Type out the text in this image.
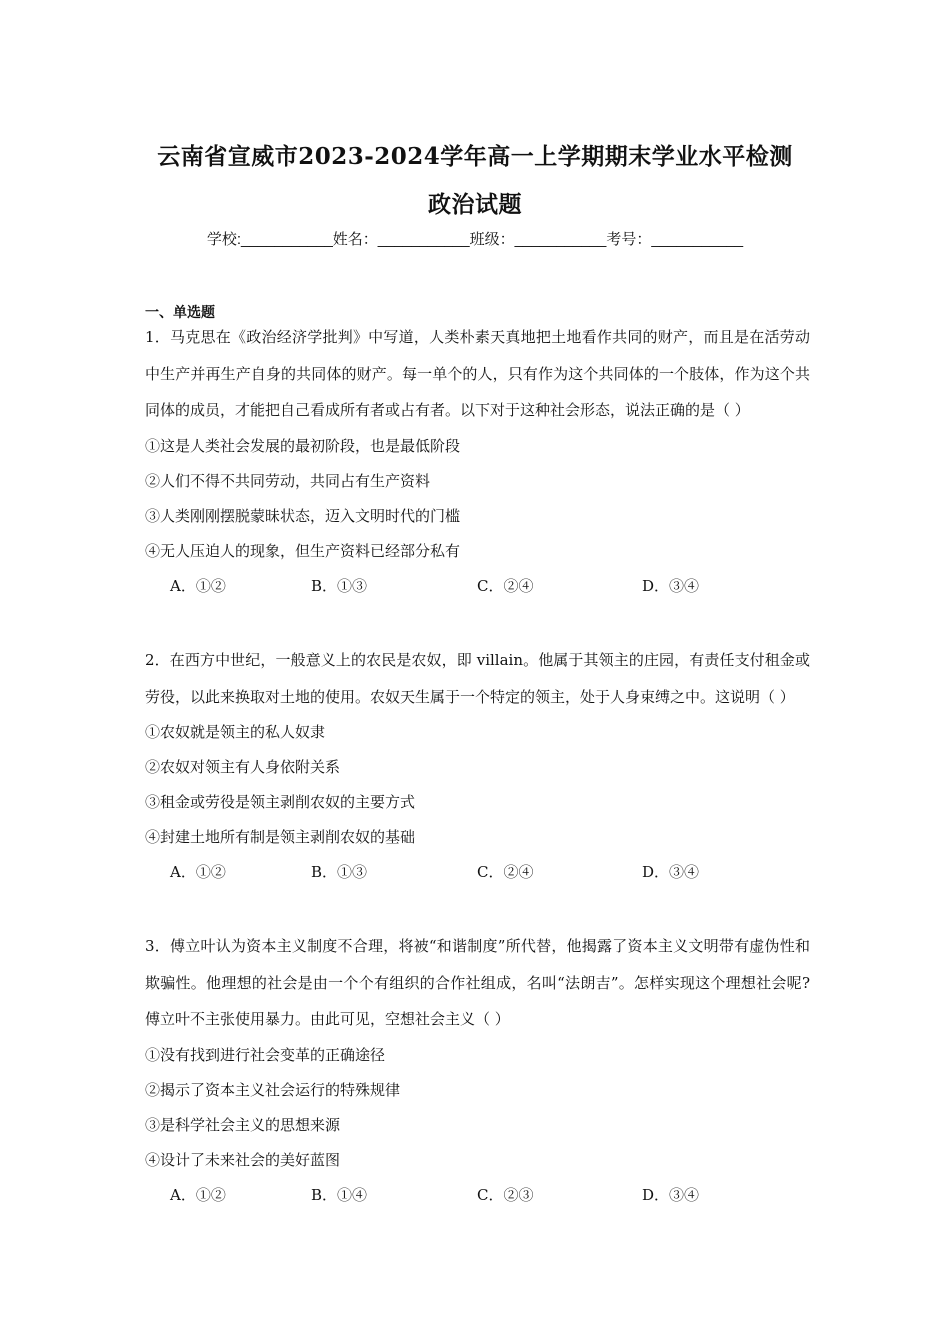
云南省宣威市2023-2024学年高一上学期期末学业水平检测
政治试题
学校:___________姓名：___________班级：___________考号：___________
一、单选题
1．马克思在《政治经济学批判》中写道，人类朴素天真地把土地看作共同的财产，而且是在活劳动中生产并再生产自身的共同体的财产。每一单个的人，只有作为这个共同体的一个肢体，作为这个共同体的成员，才能把自己看成所有者或占有者。以下对于这种社会形态，说法正确的是（ ）
①这是人类社会发展的最初阶段，也是最低阶段
②人们不得不共同劳动，共同占有生产资料
③人类刚刚摆脱蒙昧状态，迈入文明时代的门槛
④无人压迫人的现象，但生产资料已经部分私有
A．①②	B．①③	C．②④	D．③④
2．在西方中世纪，一般意义上的农民是农奴，即 villain。他属于其领主的庄园，有责任支付租金或劳役，以此来换取对土地的使用。农奴天生属于一个特定的领主，处于人身束缚之中。这说明（ ）
①农奴就是领主的私人奴隶
②农奴对领主有人身依附关系
③租金或劳役是领主剥削农奴的主要方式
④封建土地所有制是领主剥削农奴的基础
A．①②	B．①③	C．②④	D．③④
3．傅立叶认为资本主义制度不合理，将被“和谐制度”所代替，他揭露了资本主义文明带有虚伪性和欺骗性。他理想的社会是由一个个有组织的合作社组成，名叫“法朗吉”。怎样实现这个理想社会呢?傅立叶不主张使用暴力。由此可见，空想社会主义（ ）
①没有找到进行社会变革的正确途径
②揭示了资本主义社会运行的特殊规律
③是科学社会主义的思想来源
④设计了未来社会的美好蓝图
A．①②	B．①④	C．②③	D．③④
